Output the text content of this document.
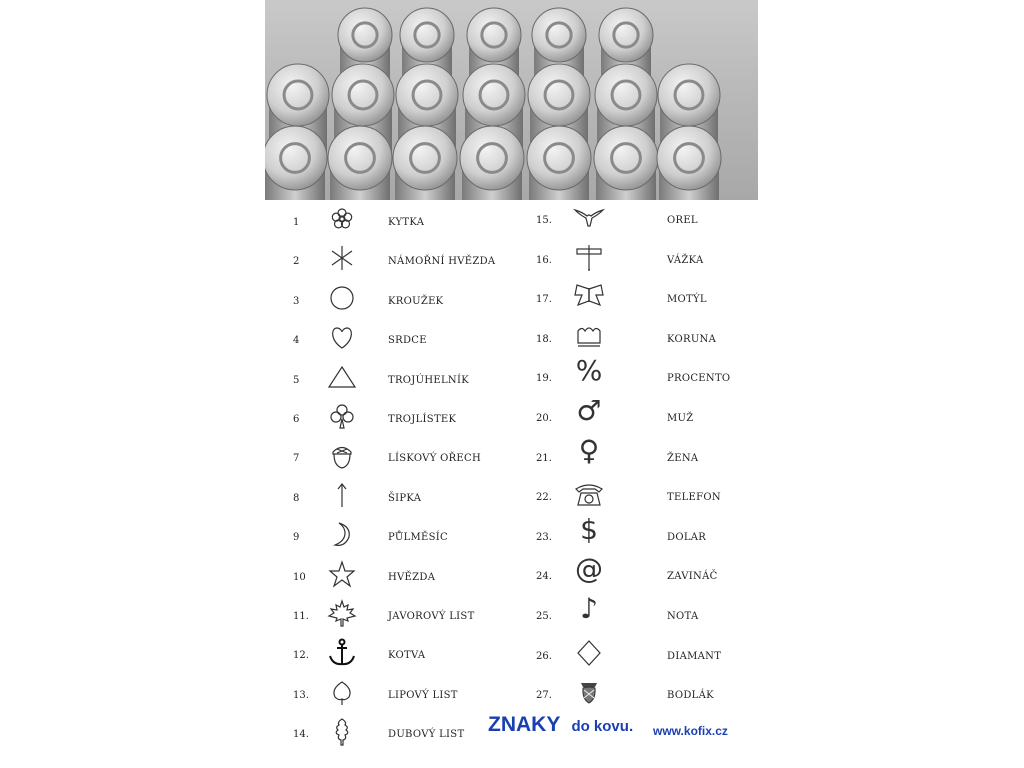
1	KYTKA
2	NÁMOŘNÍ HVĚZDA
3	KROUŽEK
4	SRDCE
5	TROJÚHELNÍK
6	TROJLÍSTEK
7	LÍSKOVÝ OŘECH
8	ŠIPKA
9	PŮLMĚSÍC
10	HVĚZDA
11.	JAVOROVÝ LIST
12.	KOTVA
13.	LIPOVÝ LIST
14.	DUBOVÝ LIST
15.	OREL
16.	VÁŽKA
17.	MOTÝL
18.	KORUNA
19. %	PROCENTO
20. ♂	MUŽ
21. ♀	ŽENA
22.	TELEFON
23. $	DOLAR
24. @	ZAVINÁČ
25. ♪	NOTA
26.	DIAMANT
27.	BODLÁK
ZNAKY do kovu. www.kofix.cz
